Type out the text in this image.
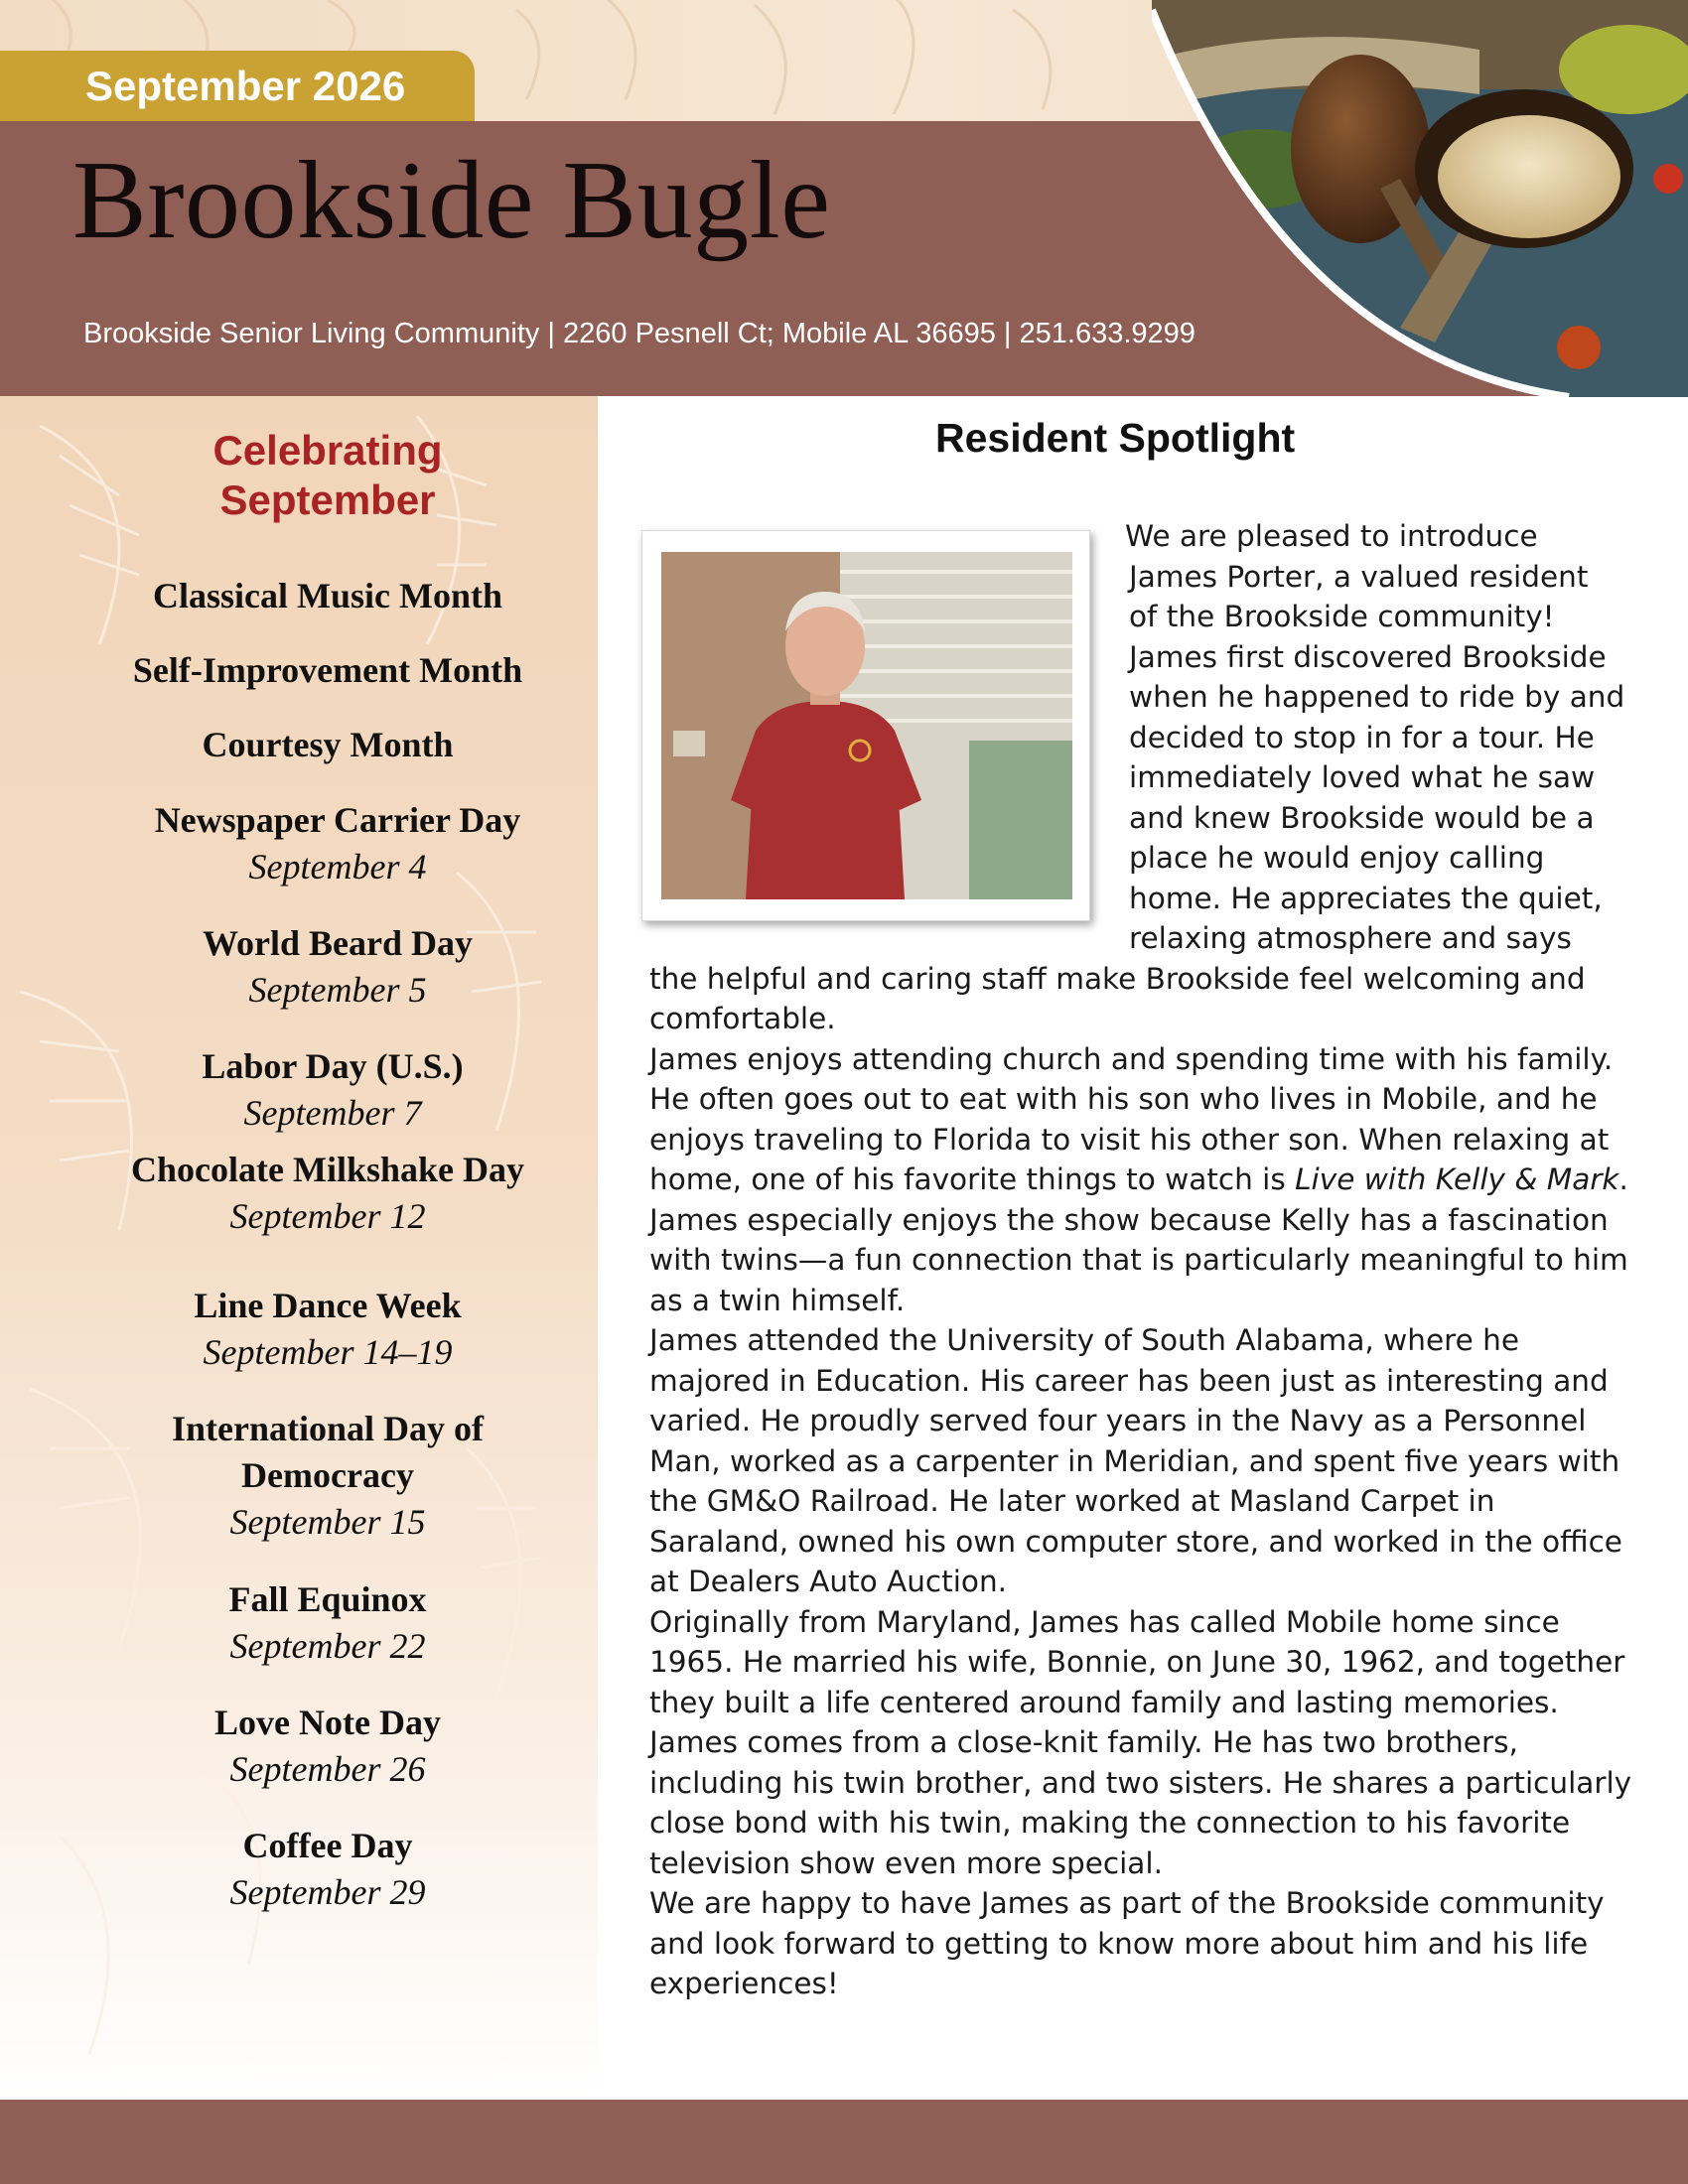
September 2026
Brookside Bugle
Brookside Senior Living Community | 2260 Pesnell Ct; Mobile AL 36695 | 251.633.9299
Celebrating
September
Classical Music Month
Self-Improvement Month
Courtesy Month
Newspaper Carrier Day
September 4
World Beard Day
September 5
Labor Day (U.S.)
September 7
Chocolate Milkshake Day
September 12
Line Dance Week
September 14–19
International Day of
Democracy
September 15
Fall Equinox
September 22
Love Note Day
September 26
Coffee Day
September 29
Resident Spotlight
We are pleased to introduce
James Porter, a valued resident
of the Brookside community!
James first discovered Brookside
when he happened to ride by and
decided to stop in for a tour. He
immediately loved what he saw
and knew Brookside would be a
place he would enjoy calling
home. He appreciates the quiet,
relaxing atmosphere and says
the helpful and caring staff make Brookside feel welcoming and
comfortable.
James enjoys attending church and spending time with his family.
He often goes out to eat with his son who lives in Mobile, and he
enjoys traveling to Florida to visit his other son. When relaxing at
home, one of his favorite things to watch is Live with Kelly & Mark.
James especially enjoys the show because Kelly has a fascination
with twins—a fun connection that is particularly meaningful to him
as a twin himself.
James attended the University of South Alabama, where he
majored in Education. His career has been just as interesting and
varied. He proudly served four years in the Navy as a Personnel
Man, worked as a carpenter in Meridian, and spent five years with
the GM&O Railroad. He later worked at Masland Carpet in
Saraland, owned his own computer store, and worked in the office
at Dealers Auto Auction.
Originally from Maryland, James has called Mobile home since
1965. He married his wife, Bonnie, on June 30, 1962, and together
they built a life centered around family and lasting memories.
James comes from a close-knit family. He has two brothers,
including his twin brother, and two sisters. He shares a particularly
close bond with his twin, making the connection to his favorite
television show even more special.
We are happy to have James as part of the Brookside community
and look forward to getting to know more about him and his life
experiences!
